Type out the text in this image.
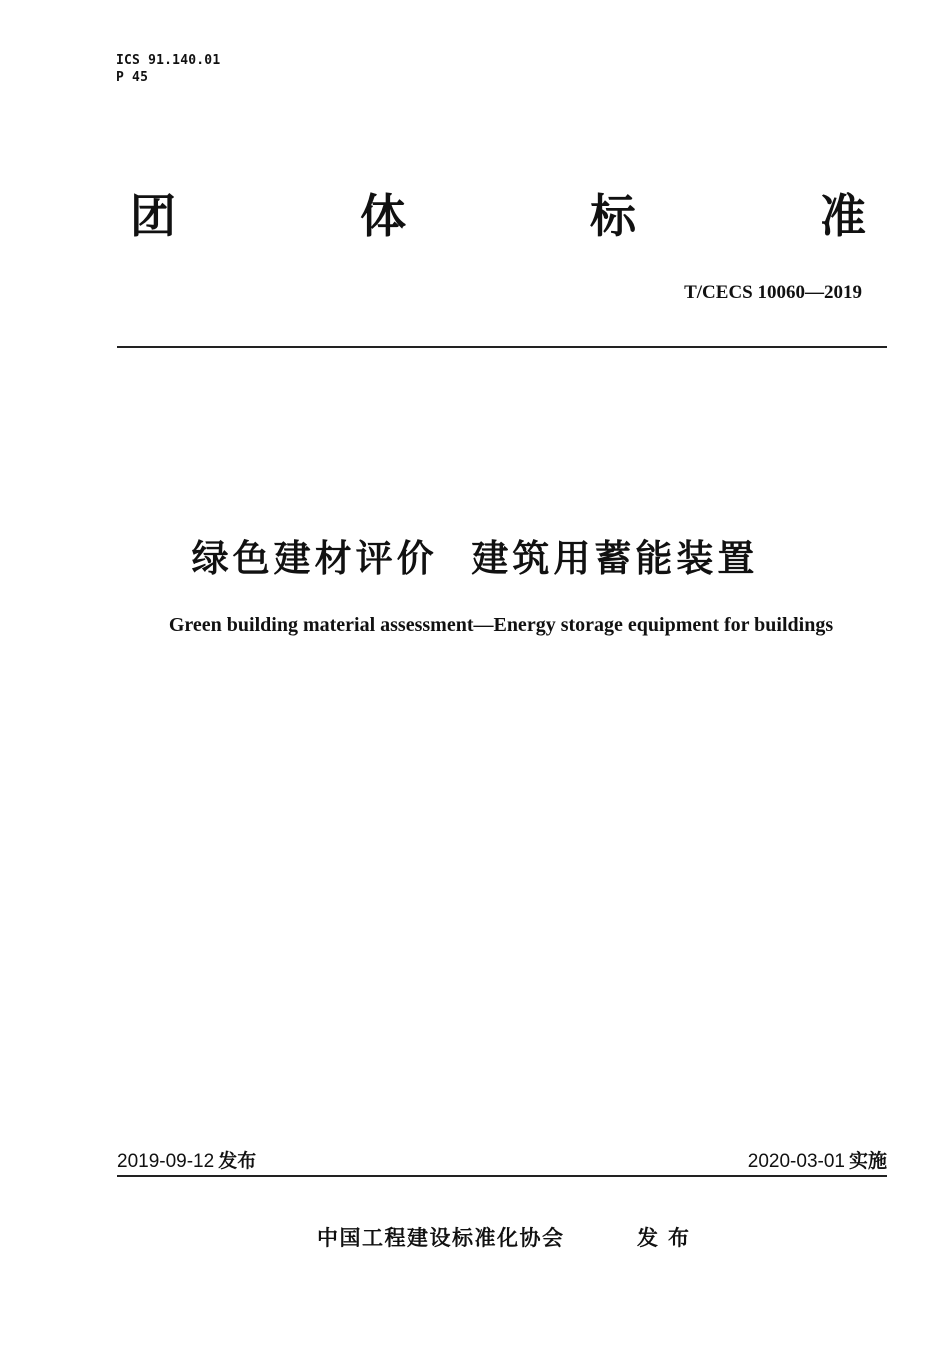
ICS 91.140.01
P 45
团	体	标	准
T/CECS 10060—2019
绿色建材评价  建筑用蓄能装置
Green building material assessment—Energy storage equipment for buildings
2019-09-12 发布	2020-03-01 实施
中国工程建设标准化协会	发布
